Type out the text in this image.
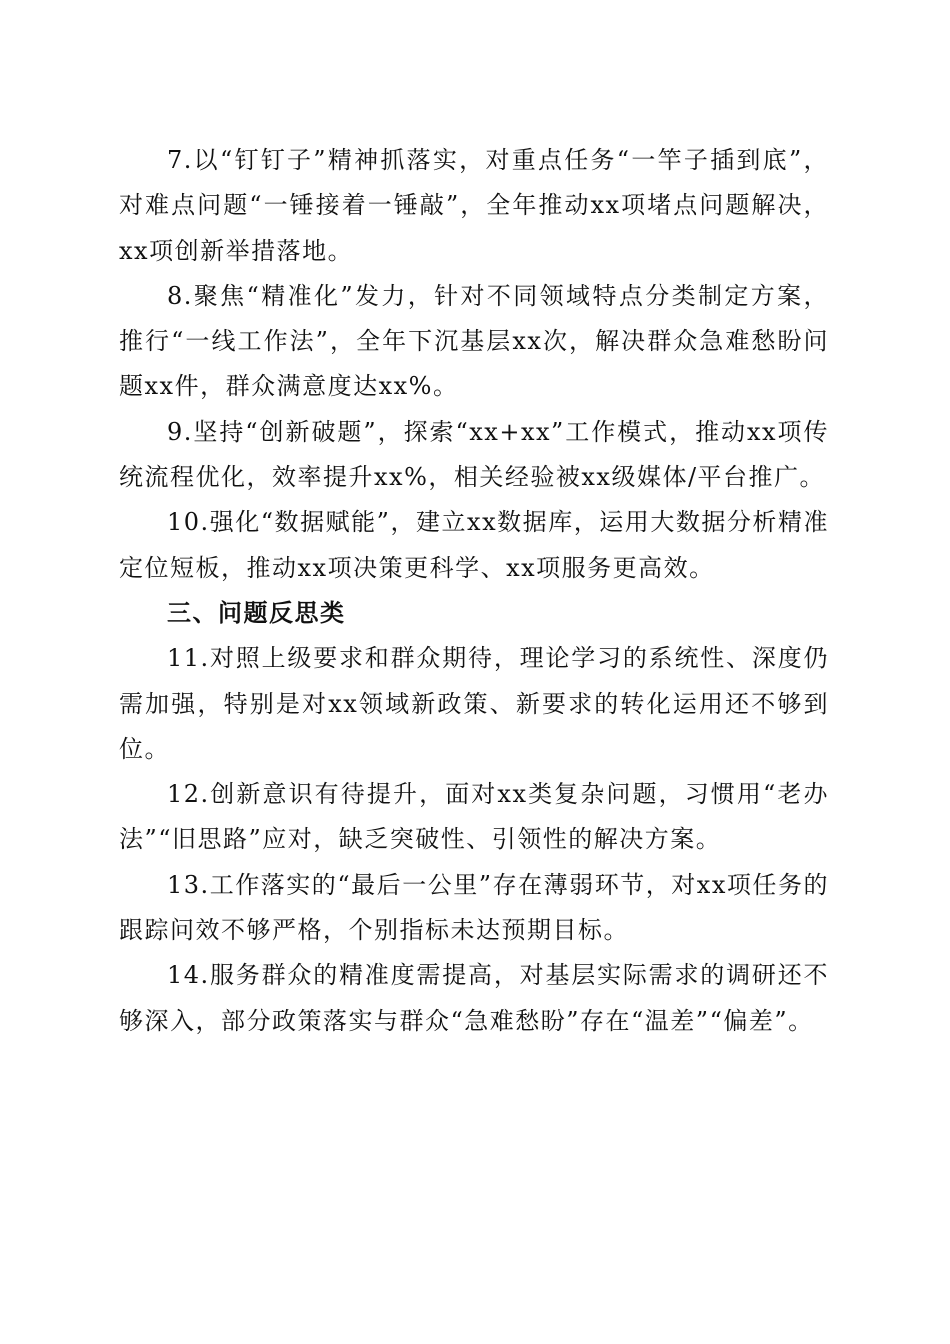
7.以“钉钉子”精神抓落实，对重点任务“一竿子插到底”，对难点问题“一锤接着一锤敲”，全年推动xx项堵点问题解决，xx项创新举措落地。

8.聚焦“精准化”发力，针对不同领域特点分类制定方案，推行“一线工作法”，全年下沉基层xx次，解决群众急难愁盼问题xx件，群众满意度达xx%。

9.坚持“创新破题”，探索“xx+xx”工作模式，推动xx项传统流程优化，效率提升xx%，相关经验被xx级媒体/平台推广。

10.强化“数据赋能”，建立xx数据库，运用大数据分析精准定位短板，推动xx项决策更科学、xx项服务更高效。

三、问题反思类

11.对照上级要求和群众期待，理论学习的系统性、深度仍需加强，特别是对xx领域新政策、新要求的转化运用还不够到位。

12.创新意识有待提升，面对xx类复杂问题，习惯用“老办法”“旧思路”应对，缺乏突破性、引领性的解决方案。

13.工作落实的“最后一公里”存在薄弱环节，对xx项任务的跟踪问效不够严格，个别指标未达预期目标。

14.服务群众的精准度需提高，对基层实际需求的调研还不够深入，部分政策落实与群众“急难愁盼”存在“温差”“偏差”。
